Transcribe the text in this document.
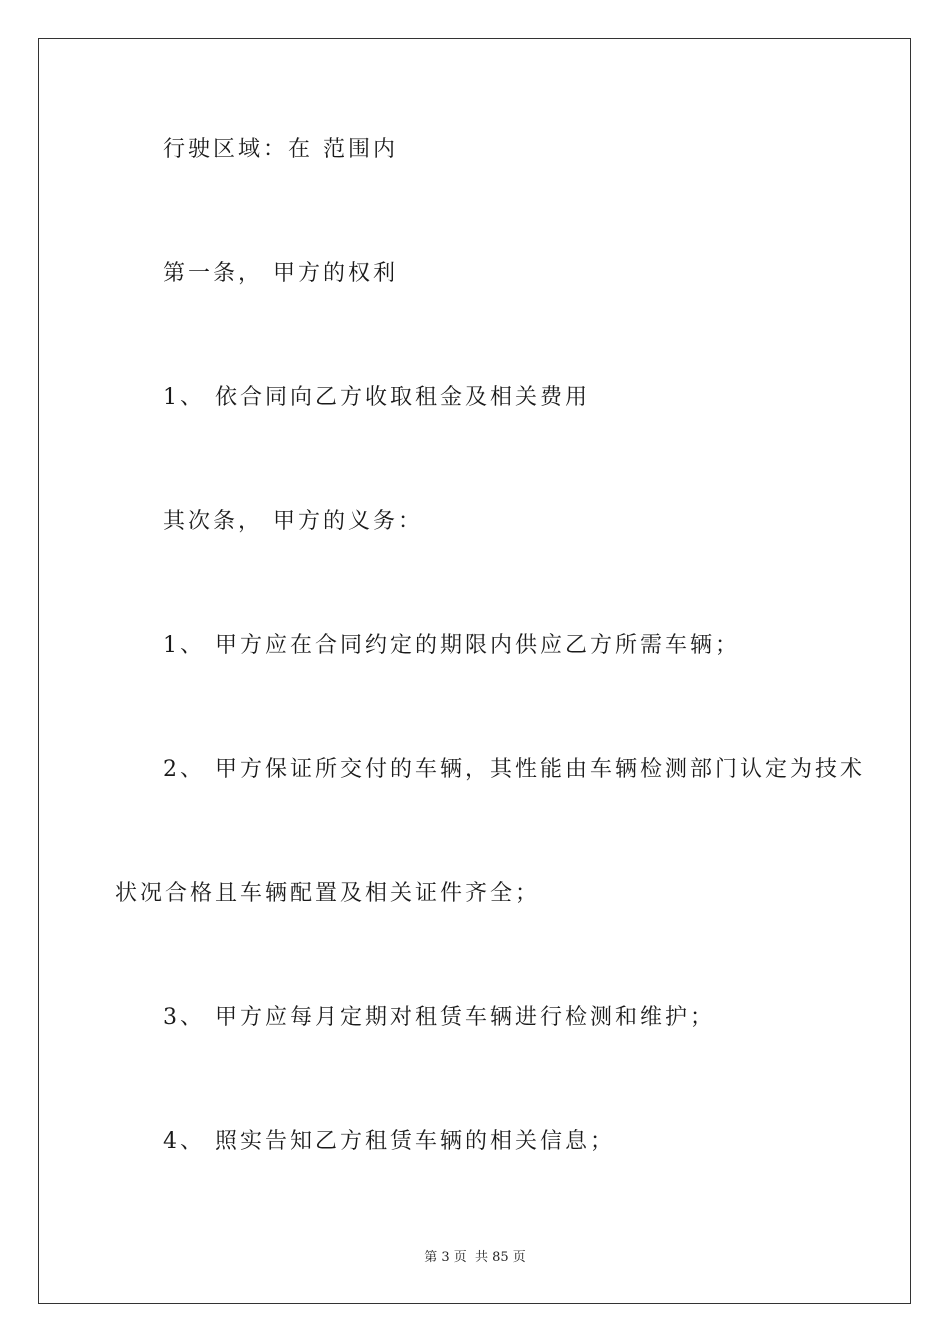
行驶区域：在 范围内
第一条， 甲方的权利
1、 依合同向乙方收取租金及相关费用
其次条， 甲方的义务：
1、 甲方应在合同约定的期限内供应乙方所需车辆；
2、 甲方保证所交付的车辆，其性能由车辆检测部门认定为技术
状况合格且车辆配置及相关证件齐全；
3、 甲方应每月定期对租赁车辆进行检测和维护；
4、 照实告知乙方租赁车辆的相关信息；
第 3 页 共 85 页
